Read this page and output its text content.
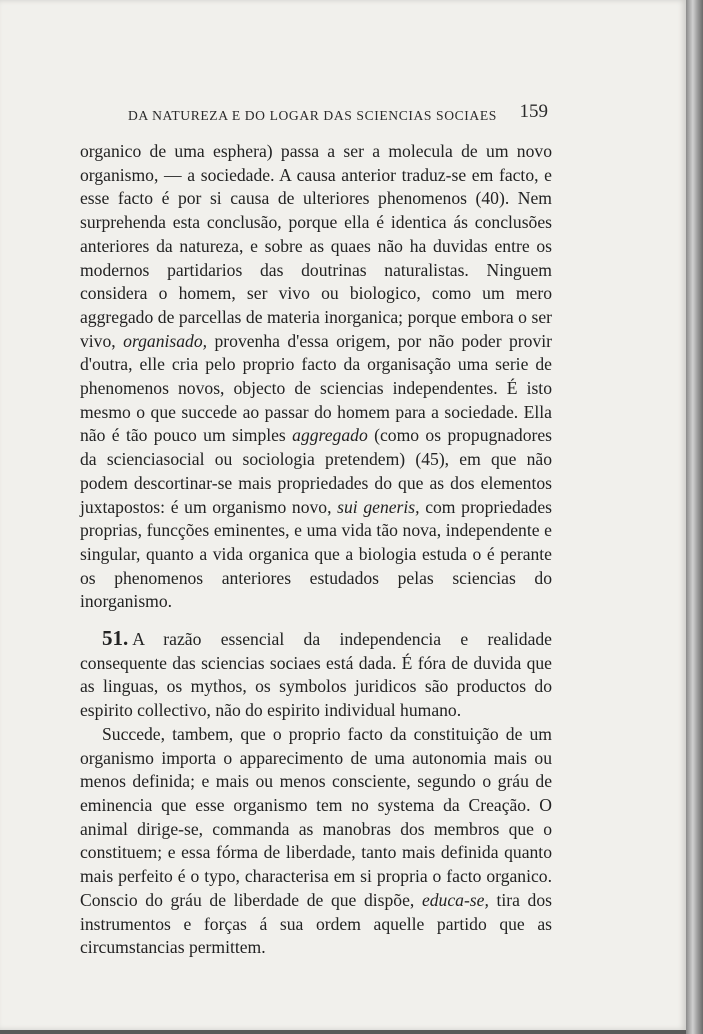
DA NATUREZA E DO LOGAR DAS SCIENCIAS SOCIAES 159

organico de uma esphera) passa a ser a molecula de um novo organismo, — a sociedade. A causa anterior traduz-se em facto, e esse facto é por si causa de ulteriores phenomenos (40). Nem surprehenda esta conclusão, porque ella é identica ás conclusões anteriores da natureza, e sobre as quaes não ha duvidas entre os modernos partidarios das doutrinas naturalistas. Ninguem considera o homem, ser vivo ou biologico, como um mero aggregado de parcellas de materia inorganica; porque embora o ser vivo, organisado, provenha d'essa origem, por não poder provir d'outra, elle cria pelo proprio facto da organisação uma serie de phenomenos novos, objecto de sciencias independentes. É isto mesmo o que succede ao passar do homem para a sociedade. Ella não é tão pouco um simples aggregado (como os propugnadores da scienciasocial ou sociologia pretendem) (45), em que não podem descortinar-se mais propriedades do que as dos elementos juxtapostos: é um organismo novo, sui generis, com propriedades proprias, funcções eminentes, e uma vida tão nova, independente e singular, quanto a vida organica que a biologia estuda o é perante os phenomenos anteriores estudados pelas sciencias do inorganismo.

51. A razão essencial da independencia e realidade consequente das sciencias sociaes está dada. É fóra de duvida que as linguas, os mythos, os symbolos juridicos são productos do espirito collectivo, não do espirito individual humano.

Succede, tambem, que o proprio facto da constituição de um organismo importa o apparecimento de uma autonomia mais ou menos definida; e mais ou menos consciente, segundo o gráu de eminencia que esse organismo tem no systema da Creação. O animal dirige-se, commanda as manobras dos membros que o constituem; e essa fórma de liberdade, tanto mais definida quanto mais perfeito é o typo, characterisa em si propria o facto organico. Conscio do gráu de liberdade de que dispõe, educa-se, tira dos instrumentos e forças á sua ordem aquelle partido que as circumstancias permittem.
